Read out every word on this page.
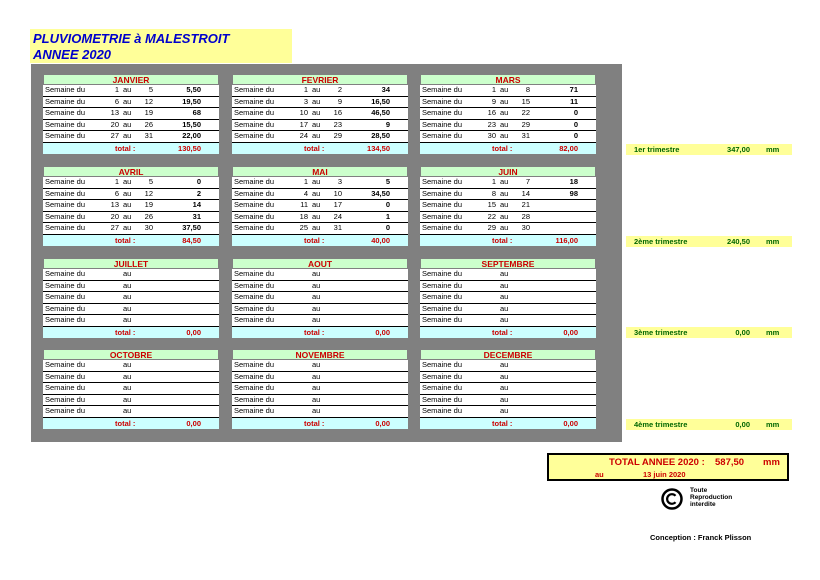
PLUVIOMETRIE à MALESTROIT
ANNEE 2020
JANVIER
Semaine du	1 au	5	5,50
Semaine du	6 au	12	19,50
Semaine du	13 au	19	68
Semaine du	20 au	26	15,50
Semaine du	27 au	31	22,00
total :	130,50
FEVRIER
Semaine du	1 au	2	34
Semaine du	3 au	9	16,50
Semaine du	10 au	16	46,50
Semaine du	17 au	23	9
Semaine du	24 au	29	28,50
total :	134,50
MARS
Semaine du	1 au	8	71
Semaine du	9 au	15	11
Semaine du	16 au	22	0
Semaine du	23 au	29	0
Semaine du	30 au	31	0
total :	82,00
AVRIL
Semaine du	1 au	5	0
Semaine du	6 au	12	2
Semaine du	13 au	19	14
Semaine du	20 au	26	31
Semaine du	27 au	30	37,50
total :	84,50
MAI
Semaine du	1 au	3	5
Semaine du	4 au	10	34,50
Semaine du	11 au	17	0
Semaine du	18 au	24	1
Semaine du	25 au	31	0
total :	40,00
JUIN
Semaine du	1 au	7	18
Semaine du	8 au	14	98
Semaine du	15 au	21
Semaine du	22 au	28
Semaine du	29 au	30
total :	116,00
JUILLET
Semaine du	au
Semaine du	au
Semaine du	au
Semaine du	au
Semaine du	au
total :	0,00
AOUT
Semaine du	au
Semaine du	au
Semaine du	au
Semaine du	au
Semaine du	au
total :	0,00
SEPTEMBRE
Semaine du	au
Semaine du	au
Semaine du	au
Semaine du	au
Semaine du	au
total :	0,00
OCTOBRE
Semaine du	au
Semaine du	au
Semaine du	au
Semaine du	au
Semaine du	au
total :	0,00
NOVEMBRE
Semaine du	au
Semaine du	au
Semaine du	au
Semaine du	au
Semaine du	au
total :	0,00
DECEMBRE
Semaine du	au
Semaine du	au
Semaine du	au
Semaine du	au
Semaine du	au
total :	0,00
1er trimestre	347,00 mm
2ème trimestre	240,50 mm
3ème trimestre	0,00 mm
4ème trimestre	0,00 mm
TOTAL ANNEE 2020 : 587,50 mm
au	13 juin 2020
Toute
Reproduction
interdite
Conception : Franck Plisson
